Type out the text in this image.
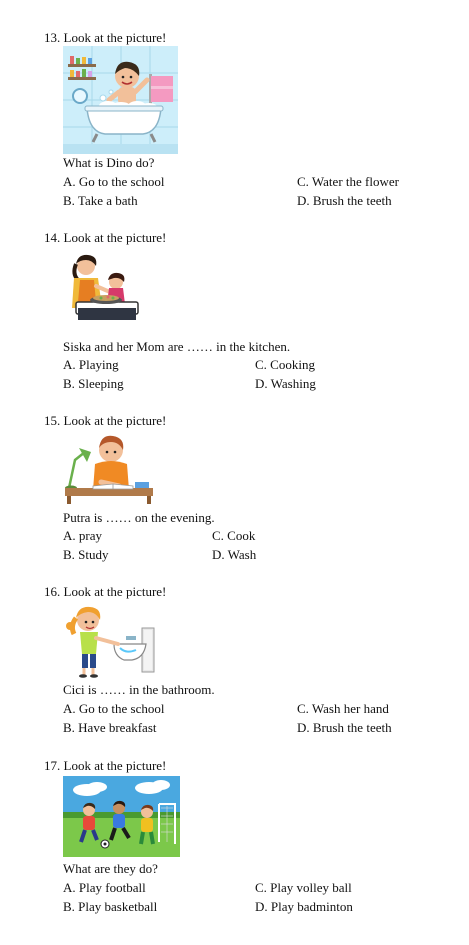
13. Look at the picture!
What is Dino do?
A. Go to the school
B. Take a bath
C. Water the flower
D. Brush the teeth
14. Look at the picture!
Siska and her Mom are …… in the kitchen.
A. Playing
B. Sleeping
C. Cooking
D. Washing
15. Look at the picture!
Putra is …… on the evening.
A. pray
B. Study
C. Cook
D. Wash
16. Look at the picture!
Cici is …… in the bathroom.
A. Go to the school
B. Have breakfast
C. Wash her hand
D. Brush the teeth
17. Look at the picture!
What are they do?
A. Play football
B. Play basketball
C. Play volley ball
D. Play badminton
